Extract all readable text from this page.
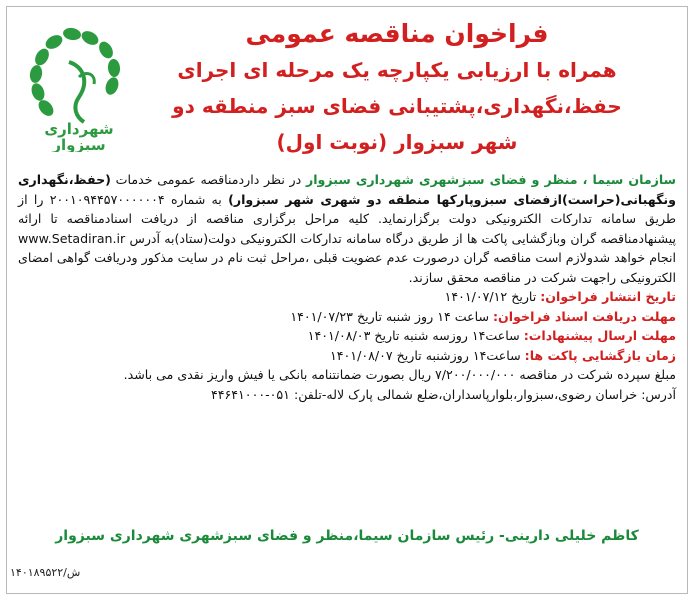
شهرداری
سبزوار
فراخوان مناقصه عمومی
همراه با ارزیابی یکپارچه یک مرحله ای اجرای
حفظ،نگهداری،پشتیبانی فضای سبز منطقه دو
شهر سبزوار (نوبت اول)
سازمان سیما ، منظر و فضای سبزشهری شهرداری سبزوار در نظر داردمناقصه عمومی خدمات (حفظ،نگهداری ونگهبانی(حراست)ازفضای سبزوپارکها منطقه دو شهری شهر سبزوار) به شماره ۲۰۰۱۰۹۴۴۵۷۰۰۰۰۰۰۴ را از طریق سامانه تدارکات الکترونیکی دولت برگزارنماید. کلیه مراحل برگزاری مناقصه از دریافت اسنادمناقصه تا ارائه پیشنهادمناقصه گران وبازگشایی پاکت ها از طریق درگاه سامانه تدارکات الکترونیکی دولت(ستاد)به آدرس www.Setadiran.ir انجام خواهد شدولازم است مناقصه گران درصورت عدم عضویت قبلی ،مراحل ثبت نام در سایت مذکور ودریافت گواهی امضای الکترونیکی راجهت شرکت در مناقصه محقق سازند.
تاریخ انتشار فراخوان: تاریخ ۱۴۰۱/۰۷/۱۲
مهلت دریافت اسناد فراخوان: ساعت ۱۴ روز شنبه تاریخ ۱۴۰۱/۰۷/۲۳
مهلت ارسال پیشنهادات: ساعت۱۴ روزسه شنبه تاریخ ۱۴۰۱/۰۸/۰۳
زمان بازگشایی پاکت ها: ساعت۱۴ روزشنبه تاریخ ۱۴۰۱/۰۸/۰۷
مبلغ سپرده شرکت در مناقصه ۷/۲۰۰/۰۰۰/۰۰۰ ریال بصورت ضمانتنامه بانکی یا فیش واریز نقدی می باشد.
آدرس: خراسان رضوی،سبزوار،بلوارپاسداران،ضلع شمالی پارک لاله-تلفن: ۰۵۱-۴۴۶۴۱۰۰۰
کاظم خلیلی دارینی- رئیس سازمان سیما،منظر و فضای سبزشهری شهرداری سبزوار
۱۴۰۱۸۹۵۲۲/ش
